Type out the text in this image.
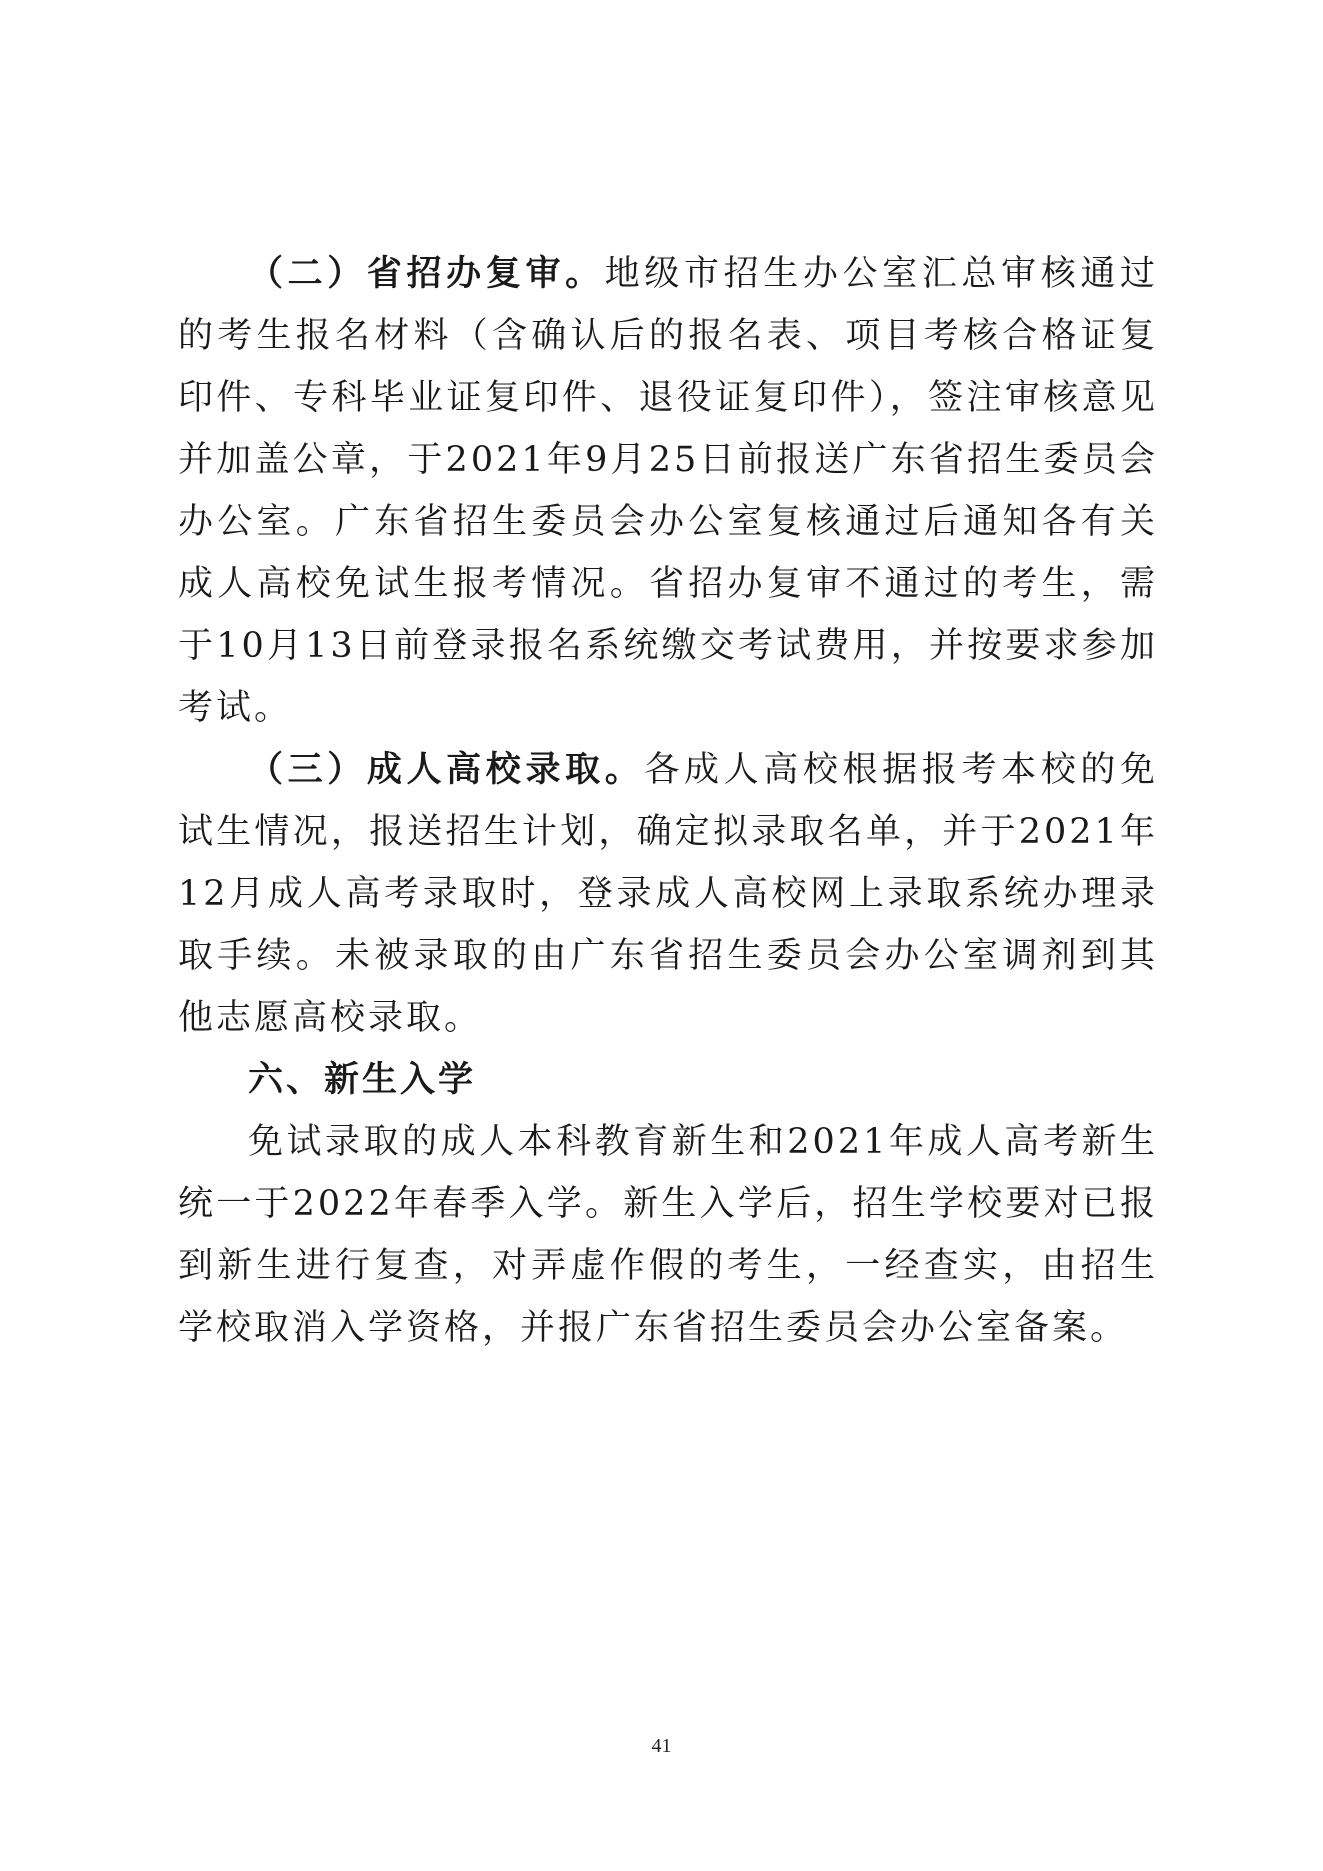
（二）省招办复审。地级市招生办公室汇总审核通过的考生报名材料（含确认后的报名表、项目考核合格证复印件、专科毕业证复印件、退役证复印件），签注审核意见并加盖公章，于2021年9月25日前报送广东省招生委员会办公室。广东省招生委员会办公室复核通过后通知各有关成人高校免试生报考情况。省招办复审不通过的考生，需于10月13日前登录报名系统缴交考试费用，并按要求参加考试。

（三）成人高校录取。各成人高校根据报考本校的免试生情况，报送招生计划，确定拟录取名单，并于2021年12月成人高考录取时，登录成人高校网上录取系统办理录取手续。未被录取的由广东省招生委员会办公室调剂到其他志愿高校录取。

六、新生入学

免试录取的成人本科教育新生和2021年成人高考新生统一于2022年春季入学。新生入学后，招生学校要对已报到新生进行复查，对弄虚作假的考生，一经查实，由招生学校取消入学资格，并报广东省招生委员会办公室备案。

41
